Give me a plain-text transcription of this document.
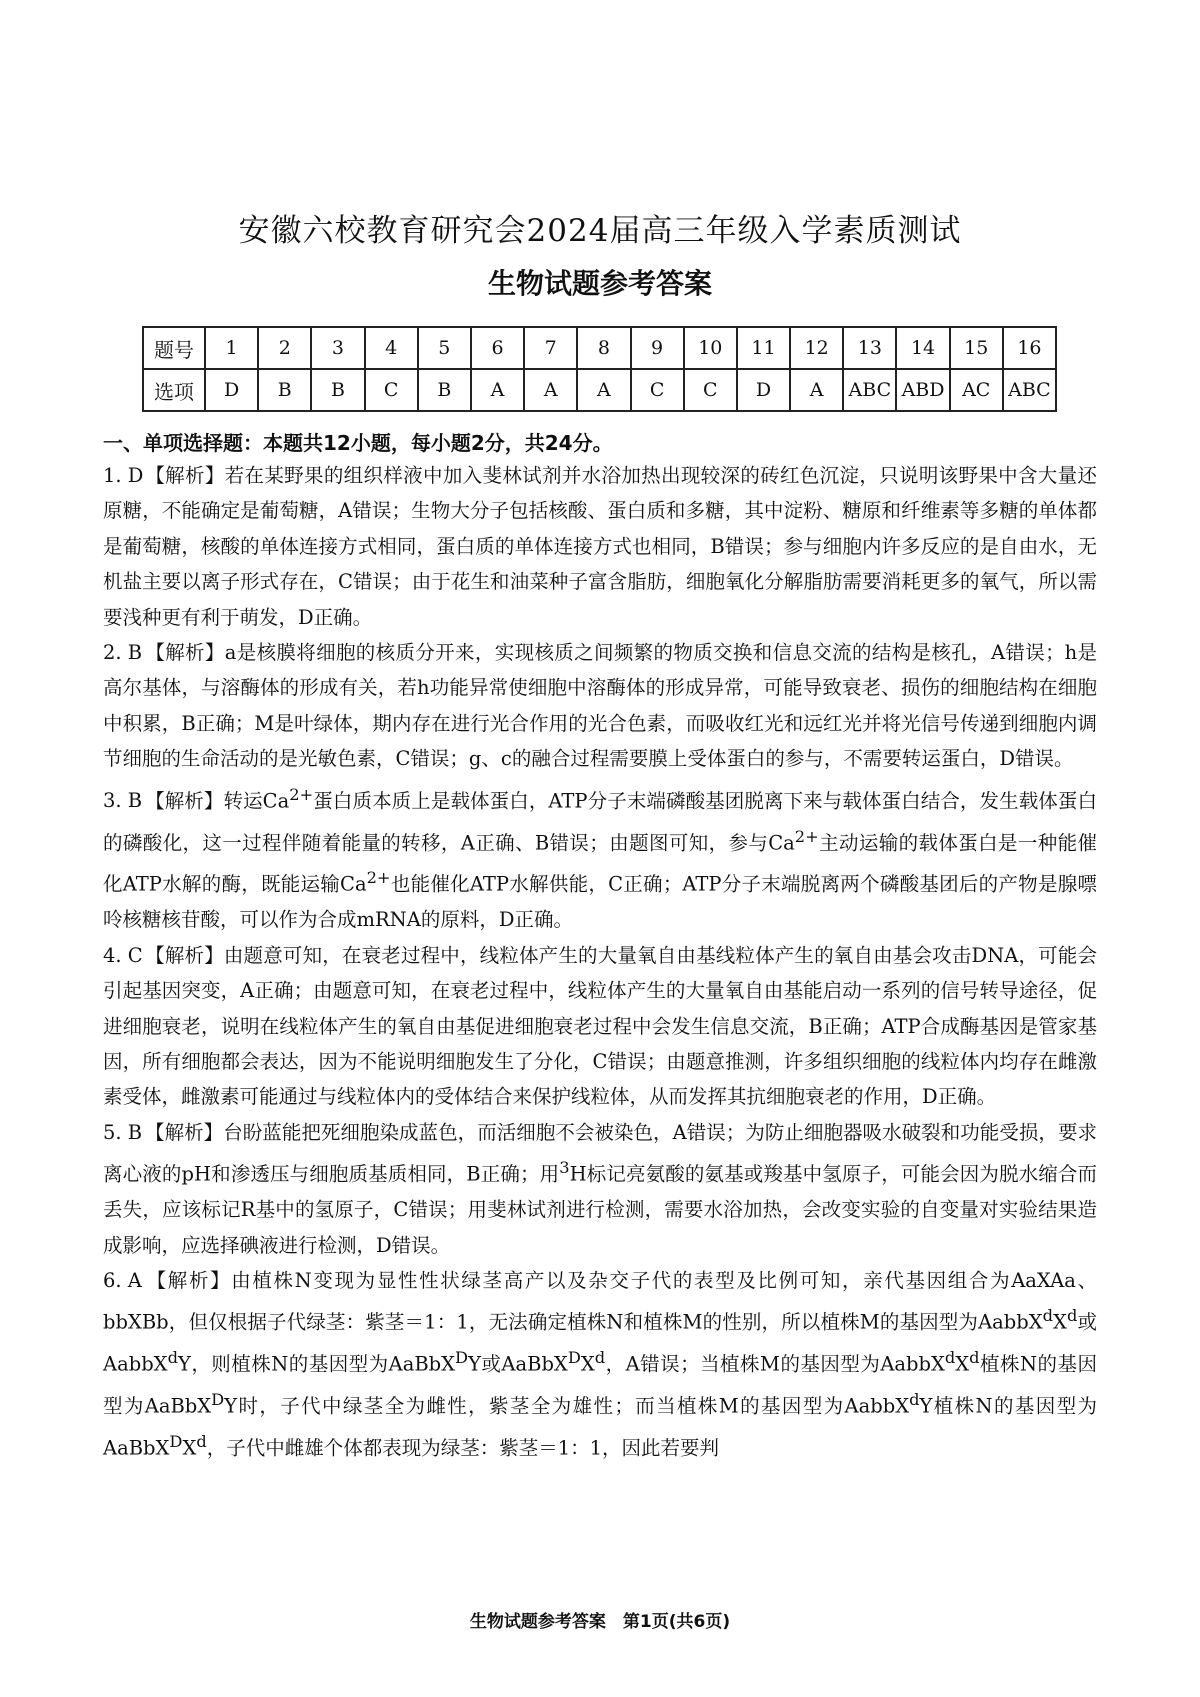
安徽六校教育研究会2024届高三年级入学素质测试
生物试题参考答案
题号	1	2	3	4	5	6	7	8	9	10	11	12	13	14	15	16
选项	D	B	B	C	B	A	A	A	C	C	D	A	ABC	ABD	AC	ABC
一、单项选择题：本题共12小题，每小题2分，共24分。

1. D【解析】若在某野果的组织样液中加入斐林试剂并水浴加热出现较深的砖红色沉淀，只说明该野果中含大量还原糖，不能确定是葡萄糖，A错误；生物大分子包括核酸、蛋白质和多糖，其中淀粉、糖原和纤维素等多糖的单体都是葡萄糖，核酸的单体连接方式相同，蛋白质的单体连接方式也相同，B错误；参与细胞内许多反应的是自由水，无机盐主要以离子形式存在，C错误；由于花生和油菜种子富含脂肪，细胞氧化分解脂肪需要消耗更多的氧气，所以需要浅种更有利于萌发，D正确。

2. B 【解析】a是核膜将细胞的核质分开来，实现核质之间频繁的物质交换和信息交流的结构是核孔，A错误；h是高尔基体，与溶酶体的形成有关，若h功能异常使细胞中溶酶体的形成异常，可能导致衰老、损伤的细胞结构在细胞中积累，B正确；M是叶绿体，期内存在进行光合作用的光合色素，而吸收红光和远红光并将光信号传递到细胞内调节细胞的生命活动的是光敏色素，C错误；g、c的融合过程需要膜上受体蛋白的参与，不需要转运蛋白，D错误。

3. B 【解析】转运$Ca^{2+}$蛋白质本质上是载体蛋白，ATP分子末端磷酸基团脱离下来与载体蛋白结合，发生载体蛋白的磷酸化，这一过程伴随着能量的转移，A正确、B错误；由题图可知，参与$Ca^{2+}$主动运输的载体蛋白是一种能催化ATP水解的酶，既能运输$Ca^{2+}$也能催化ATP水解供能，C正确；ATP分子末端脱离两个磷酸基团后的产物是腺嘌呤核糖核苷酸，可以作为合成mRNA的原料，D正确。

4. C 【解析】由题意可知，在衰老过程中，线粒体产生的大量氧自由基线粒体产生的氧自由基会攻击DNA，可能会引起基因突变，A正确；由题意可知，在衰老过程中，线粒体产生的大量氧自由基能启动一系列的信号转导途径，促进细胞衰老，说明在线粒体产生的氧自由基促进细胞衰老过程中会发生信息交流，B正确；ATP合成酶基因是管家基因，所有细胞都会表达，因为不能说明细胞发生了分化，C错误；由题意推测，许多组织细胞的线粒体内均存在雌激素受体，雌激素可能通过与线粒体内的受体结合来保护线粒体，从而发挥其抗细胞衰老的作用，D正确。

5. B 【解析】台盼蓝能把死细胞染成蓝色，而活细胞不会被染色，A错误；为防止细胞器吸水破裂和功能受损，要求离心液的pH和渗透压与细胞质基质相同，B正确；用$^3$H标记亮氨酸的氨基或羧基中氢原子，可能会因为脱水缩合而丢失，应该标记R基中的氢原子，C错误；用斐林试剂进行检测，需要水浴加热，会改变实验的自变量对实验结果造成影响，应选择碘液进行检测，D错误。

6. A 【解析】由植株N变现为显性性状绿茎高产以及杂交子代的表型及比例可知，亲代基因组合为AaXAa、bbXBb，但仅根据子代绿茎：紫茎＝1：1，无法确定植株N和植株M的性别，所以植株M的基因型为$AabbX^dX^d$或AabbX$^d$Y，则植株N的基因型为AaBbX$^D$Y或$AaBbX^DX^d$，A错误；当植株M的基因型为$AabbX^dX^d$植株N的基因型为AaBbX$^D$Y时，子代中绿茎全为雌性，紫茎全为雄性；而当植株M的基因型为AabbX$^d$Y植株N的基因型为$AaBbX^DX^d$，子代中雌雄个体都表现为绿茎：紫茎＝1：1，因此若要判

生物试题参考答案　第1页(共6页)
